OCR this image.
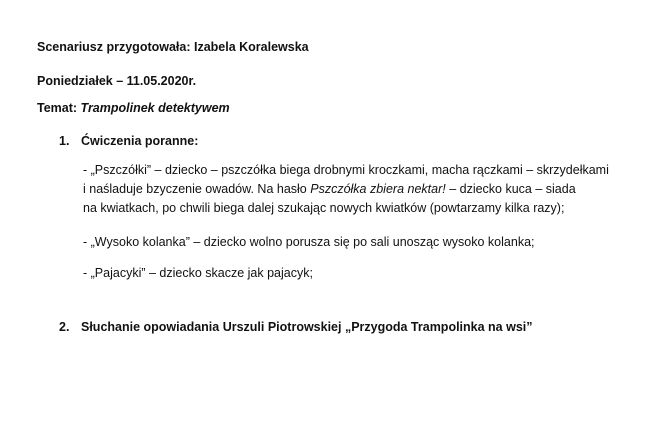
Scenariusz przygotowała: Izabela Koralewska
Poniedziałek – 11.05.2020r.
Temat: Trampolinek detektywem
1. Ćwiczenia poranne:
- „Pszczółki” – dziecko – pszczółka biega drobnymi kroczkami, macha rączkami – skrzydełkami
i naśladuje bzyczenie owadów. Na hasło Pszczółka zbiera nektar! – dziecko kuca – siada
na kwiatkach, po chwili biega dalej szukając nowych kwiatków (powtarzamy kilka razy);
- „Wysoko kolanka” – dziecko wolno porusza się po sali unosząc wysoko kolanka;
- „Pajacyki” – dziecko skacze jak pajacyk;
2. Słuchanie opowiadania Urszuli Piotrowskiej „Przygoda Trampolinka na wsi”
